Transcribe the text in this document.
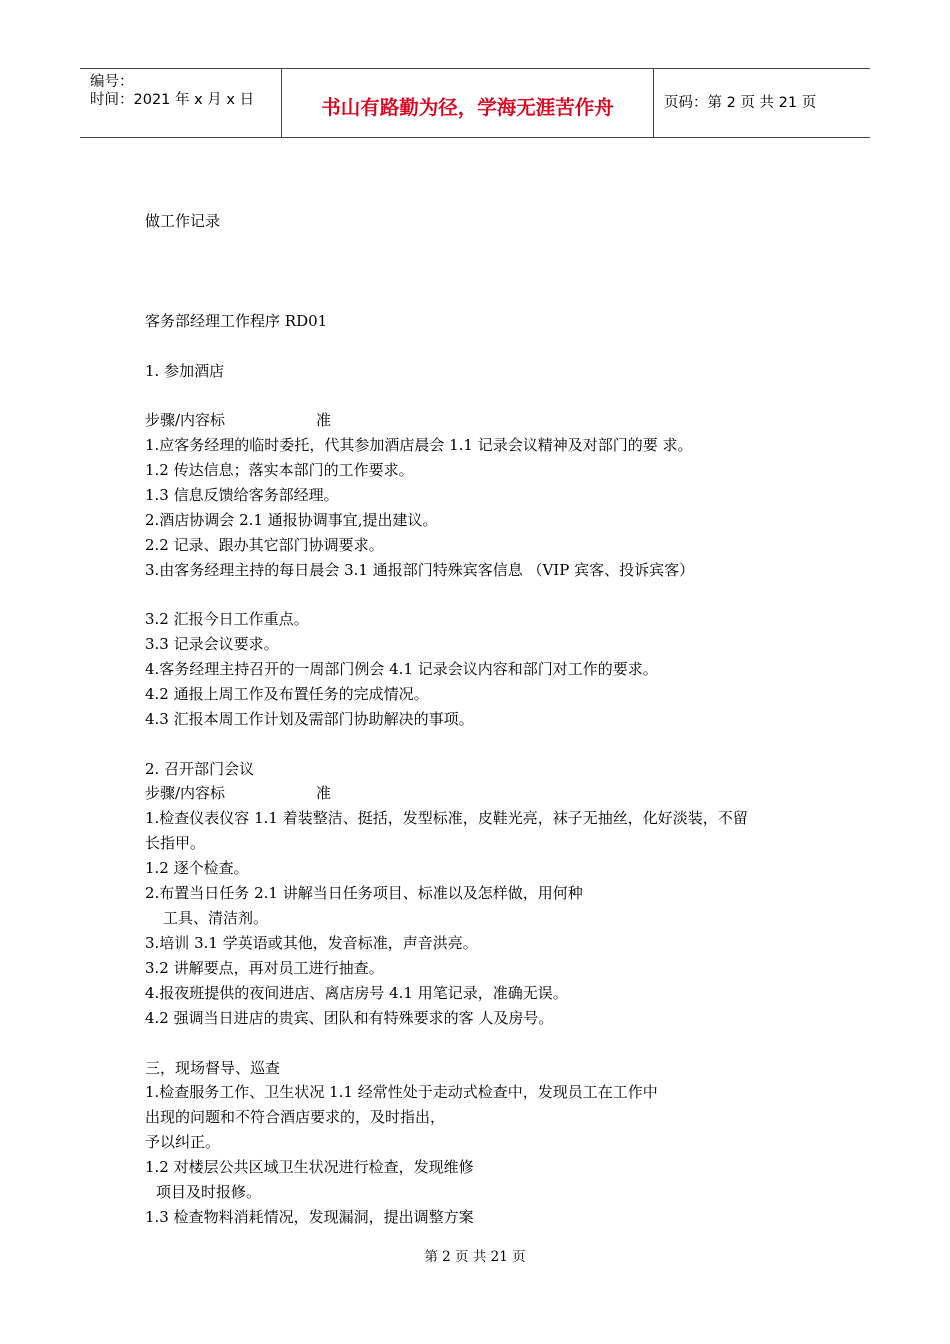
编号：
时间：2021 年 x 月 x 日	书山有路勤为径，学海无涯苦作舟	页码：第 2 页 共 21 页
做工作记录
客务部经理工作程序 RD01
1. 参加酒店
步骤/内容标	准
1.应客务经理的临时委托，代其参加酒店晨会 1.1 记录会议精神及对部门的要 求。
1.2 传达信息；落实本部门的工作要求。
1.3 信息反馈给客务部经理。
2.酒店协调会 2.1 通报协调事宜,提出建议。
2.2 记录、跟办其它部门协调要求。
3.由客务经理主持的每日晨会 3.1 通报部门特殊宾客信息 （VIP 宾客、投诉宾客）
3.2 汇报今日工作重点。
3.3 记录会议要求。
4.客务经理主持召开的一周部门例会 4.1 记录会议内容和部门对工作的要求。
4.2 通报上周工作及布置任务的完成情况。
4.3 汇报本周工作计划及需部门协助解决的事项。
2. 召开部门会议
步骤/内容标	准
1.检查仪表仪容 1.1 着装整洁、挺括，发型标准，皮鞋光亮，袜子无抽丝，化好淡装，不留
长指甲。
1.2 逐个检查。
2.布置当日任务 2.1 讲解当日任务项目、标准以及怎样做，用何种
工具、清洁剂。
3.培训 3.1 学英语或其他，发音标准，声音洪亮。
3.2 讲解要点，再对员工进行抽查。
4.报夜班提供的夜间进店、离店房号 4.1 用笔记录，准确无误。
4.2 强调当日进店的贵宾、团队和有特殊要求的客 人及房号。
三，现场督导、巡查
1.检查服务工作、卫生状况 1.1 经常性处于走动式检查中，发现员工在工作中
出现的问题和不符合酒店要求的，及时指出，
予以纠正。
1.2 对楼层公共区域卫生状况进行检查，发现维修
项目及时报修。
1.3 检查物料消耗情况，发现漏洞，提出调整方案
第 2 页 共 21 页
